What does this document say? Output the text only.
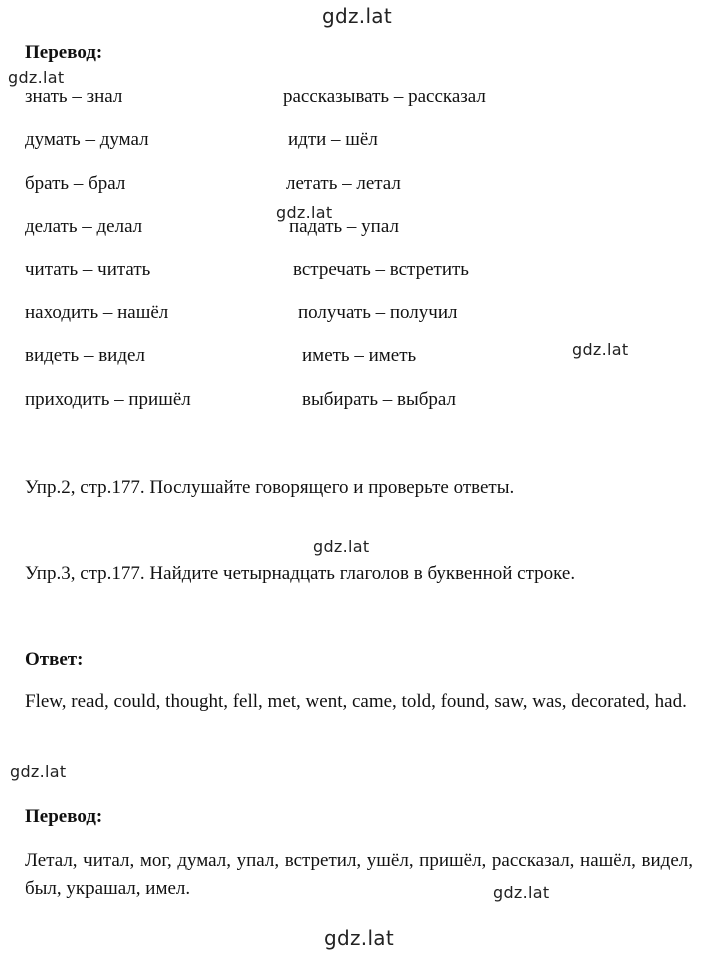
gdz.lat
gdz.lat
gdz.lat
gdz.lat
gdz.lat
gdz.lat
gdz.lat
gdz.lat
Перевод:
знать – знал	рассказывать – рассказал
думать – думал	идти – шёл
брать – брал	летать – летал
делать – делал	падать – упал
читать – читать	встречать – встретить
находить – нашёл	получать – получил
видеть – видел	иметь – иметь
приходить – пришёл	выбирать – выбрал
Упр.2, стр.177. Послушайте говорящего и проверьте ответы.
Упр.3, стр.177. Найдите четырнадцать глаголов в буквенной строке.
Ответ:
Flew, read, could, thought, fell, met, went, came, told, found, saw, was, decorated, had.
Перевод:
Летал, читал, мог, думал, упал, встретил, ушёл, пришёл, рассказал, нашёл, видел, был, украшал, имел.
